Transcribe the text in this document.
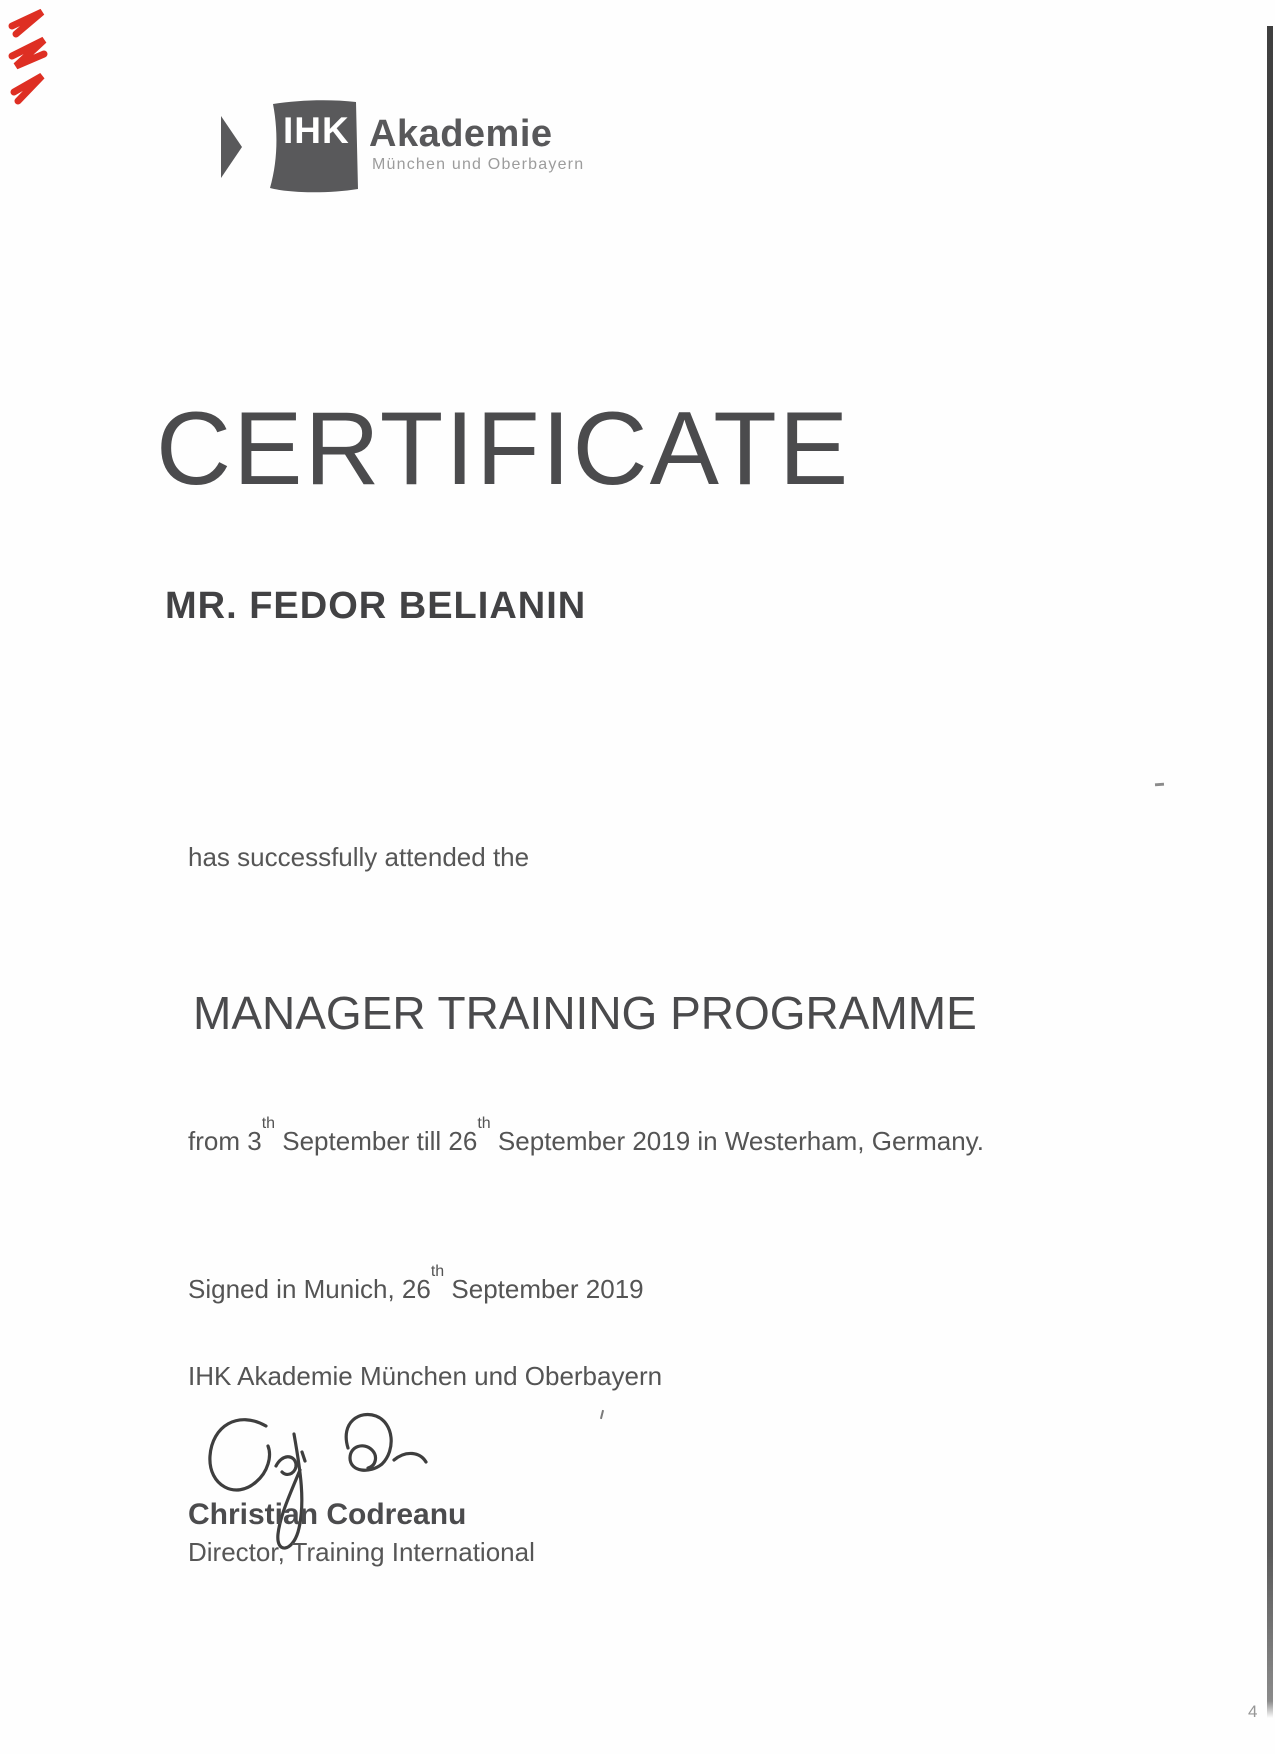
IHK Akademie
München und Oberbayern
CERTIFICATE
MR. FEDOR BELIANIN
has successfully attended the
MANAGER TRAINING PROGRAMME
from 3th September till 26th September 2019 in Westerham, Germany.
Signed in Munich, 26th September 2019
IHK Akademie München und Oberbayern
Christian Codreanu
Director, Training International
4
